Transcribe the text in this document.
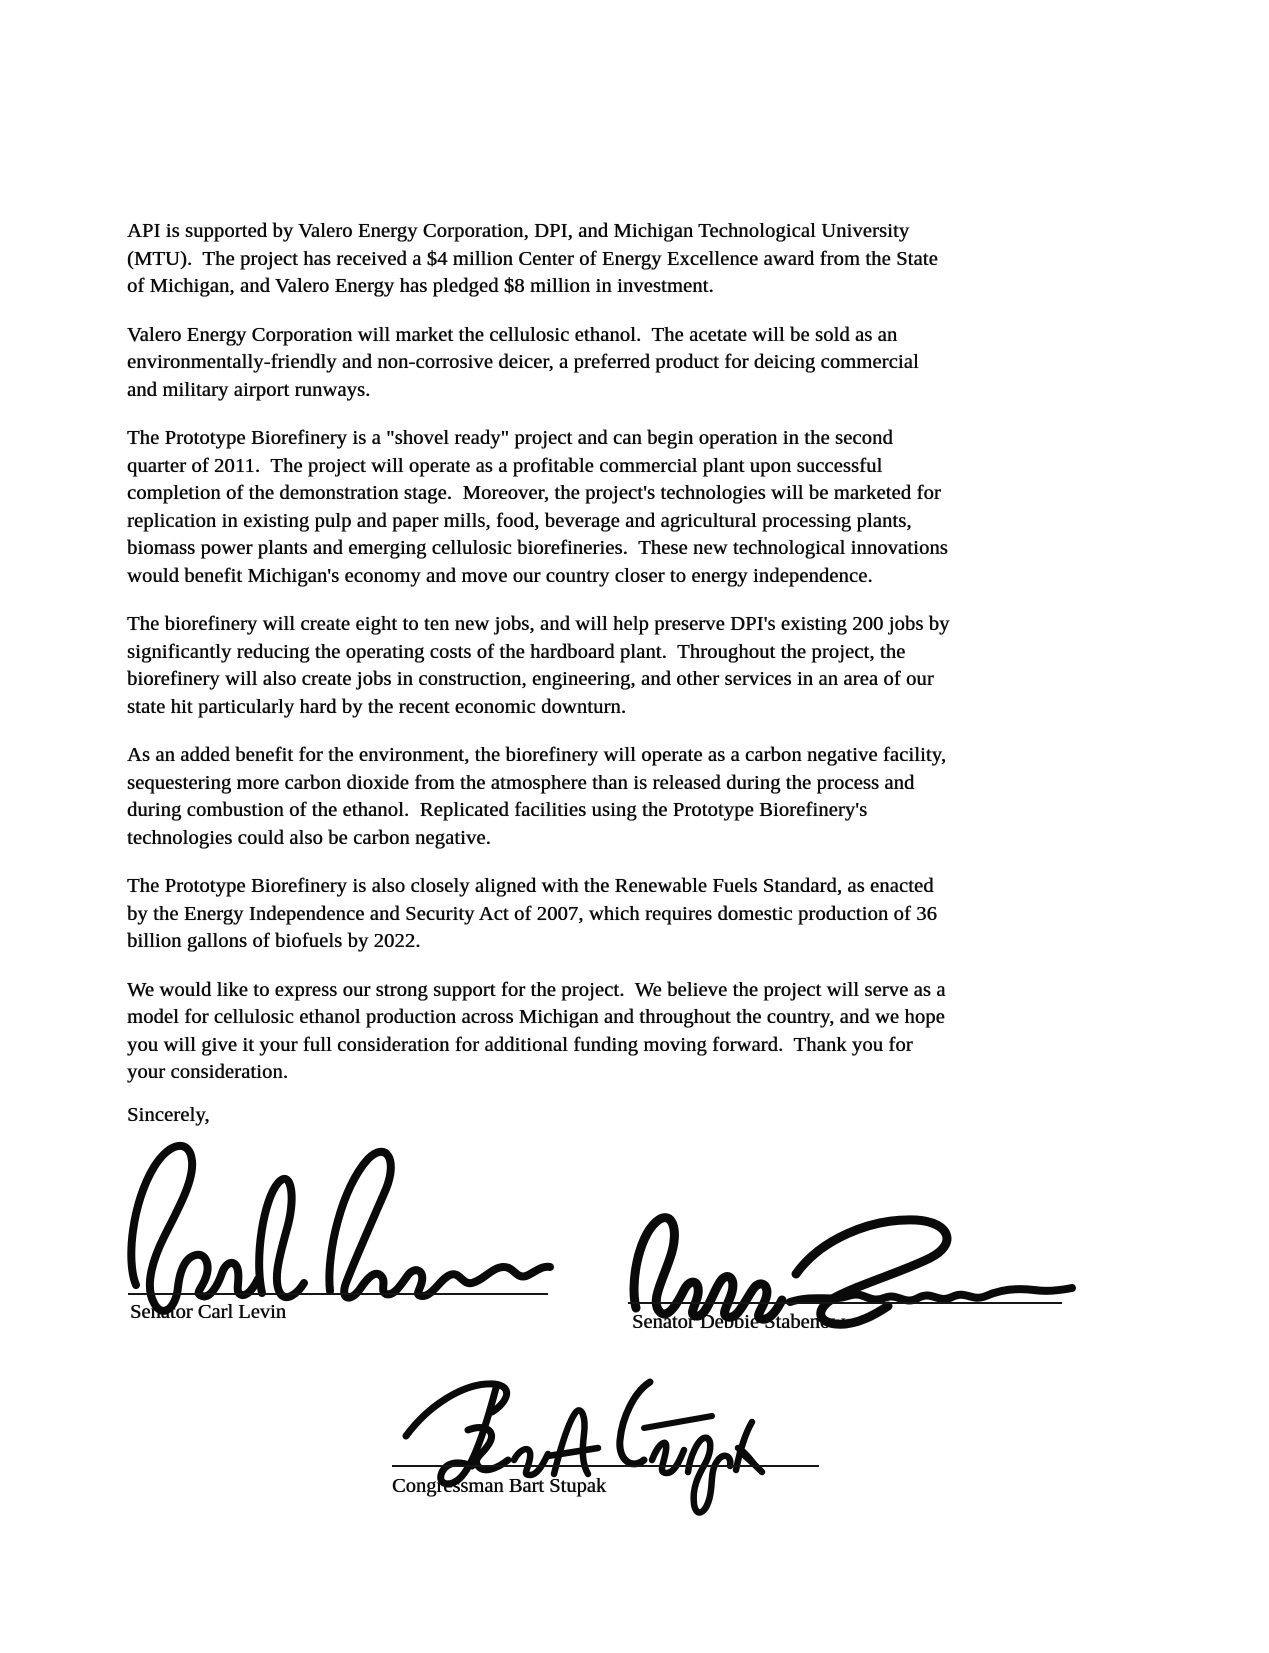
API is supported by Valero Energy Corporation, DPI, and Michigan Technological University
(MTU).  The project has received a $4 million Center of Energy Excellence award from the State
of Michigan, and Valero Energy has pledged $8 million in investment.

Valero Energy Corporation will market the cellulosic ethanol.  The acetate will be sold as an
environmentally-friendly and non-corrosive deicer, a preferred product for deicing commercial
and military airport runways.

The Prototype Biorefinery is a "shovel ready" project and can begin operation in the second
quarter of 2011.  The project will operate as a profitable commercial plant upon successful
completion of the demonstration stage.  Moreover, the project's technologies will be marketed for
replication in existing pulp and paper mills, food, beverage and agricultural processing plants,
biomass power plants and emerging cellulosic biorefineries.  These new technological innovations
would benefit Michigan's economy and move our country closer to energy independence.

The biorefinery will create eight to ten new jobs, and will help preserve DPI's existing 200 jobs by
significantly reducing the operating costs of the hardboard plant.  Throughout the project, the
biorefinery will also create jobs in construction, engineering, and other services in an area of our
state hit particularly hard by the recent economic downturn.

As an added benefit for the environment, the biorefinery will operate as a carbon negative facility,
sequestering more carbon dioxide from the atmosphere than is released during the process and
during combustion of the ethanol.  Replicated facilities using the Prototype Biorefinery's
technologies could also be carbon negative.

The Prototype Biorefinery is also closely aligned with the Renewable Fuels Standard, as enacted
by the Energy Independence and Security Act of 2007, which requires domestic production of 36
billion gallons of biofuels by 2022.

We would like to express our strong support for the project.  We believe the project will serve as a
model for cellulosic ethanol production across Michigan and throughout the country, and we hope
you will give it your full consideration for additional funding moving forward.  Thank you for
your consideration.

Sincerely,

Senator Carl Levin	Senator Debbie Stabenow
Congressman Bart Stupak
